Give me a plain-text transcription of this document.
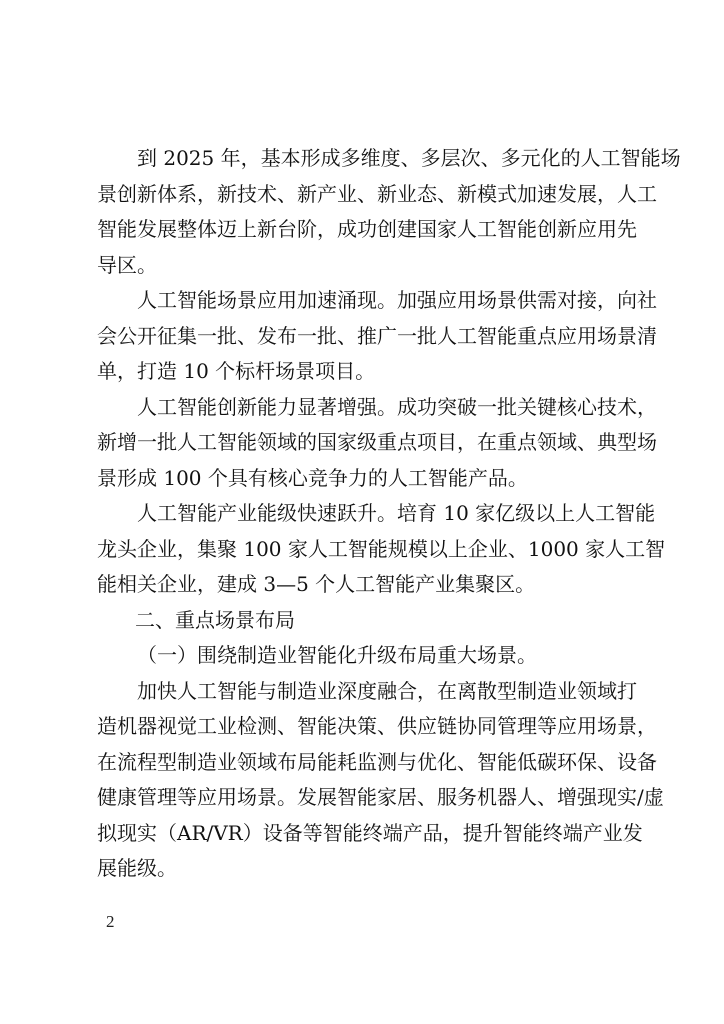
到 2025 年，基本形成多维度、多层次、多元化的人工智能场
景创新体系，新技术、新产业、新业态、新模式加速发展，人工
智能发展整体迈上新台阶，成功创建国家人工智能创新应用先
导区。

人工智能场景应用加速涌现。加强应用场景供需对接，向社
会公开征集一批、发布一批、推广一批人工智能重点应用场景清
单，打造 10 个标杆场景项目。

人工智能创新能力显著增强。成功突破一批关键核心技术，
新增一批人工智能领域的国家级重点项目，在重点领域、典型场
景形成 100 个具有核心竞争力的人工智能产品。

人工智能产业能级快速跃升。培育 10 家亿级以上人工智能
龙头企业，集聚 100 家人工智能规模以上企业、1000 家人工智
能相关企业，建成 3—5 个人工智能产业集聚区。

二、重点场景布局

（一）围绕制造业智能化升级布局重大场景。

加快人工智能与制造业深度融合，在离散型制造业领域打
造机器视觉工业检测、智能决策、供应链协同管理等应用场景，
在流程型制造业领域布局能耗监测与优化、智能低碳环保、设备
健康管理等应用场景。发展智能家居、服务机器人、增强现实/虚
拟现实（AR/VR）设备等智能终端产品，提升智能终端产业发
展能级。

2
